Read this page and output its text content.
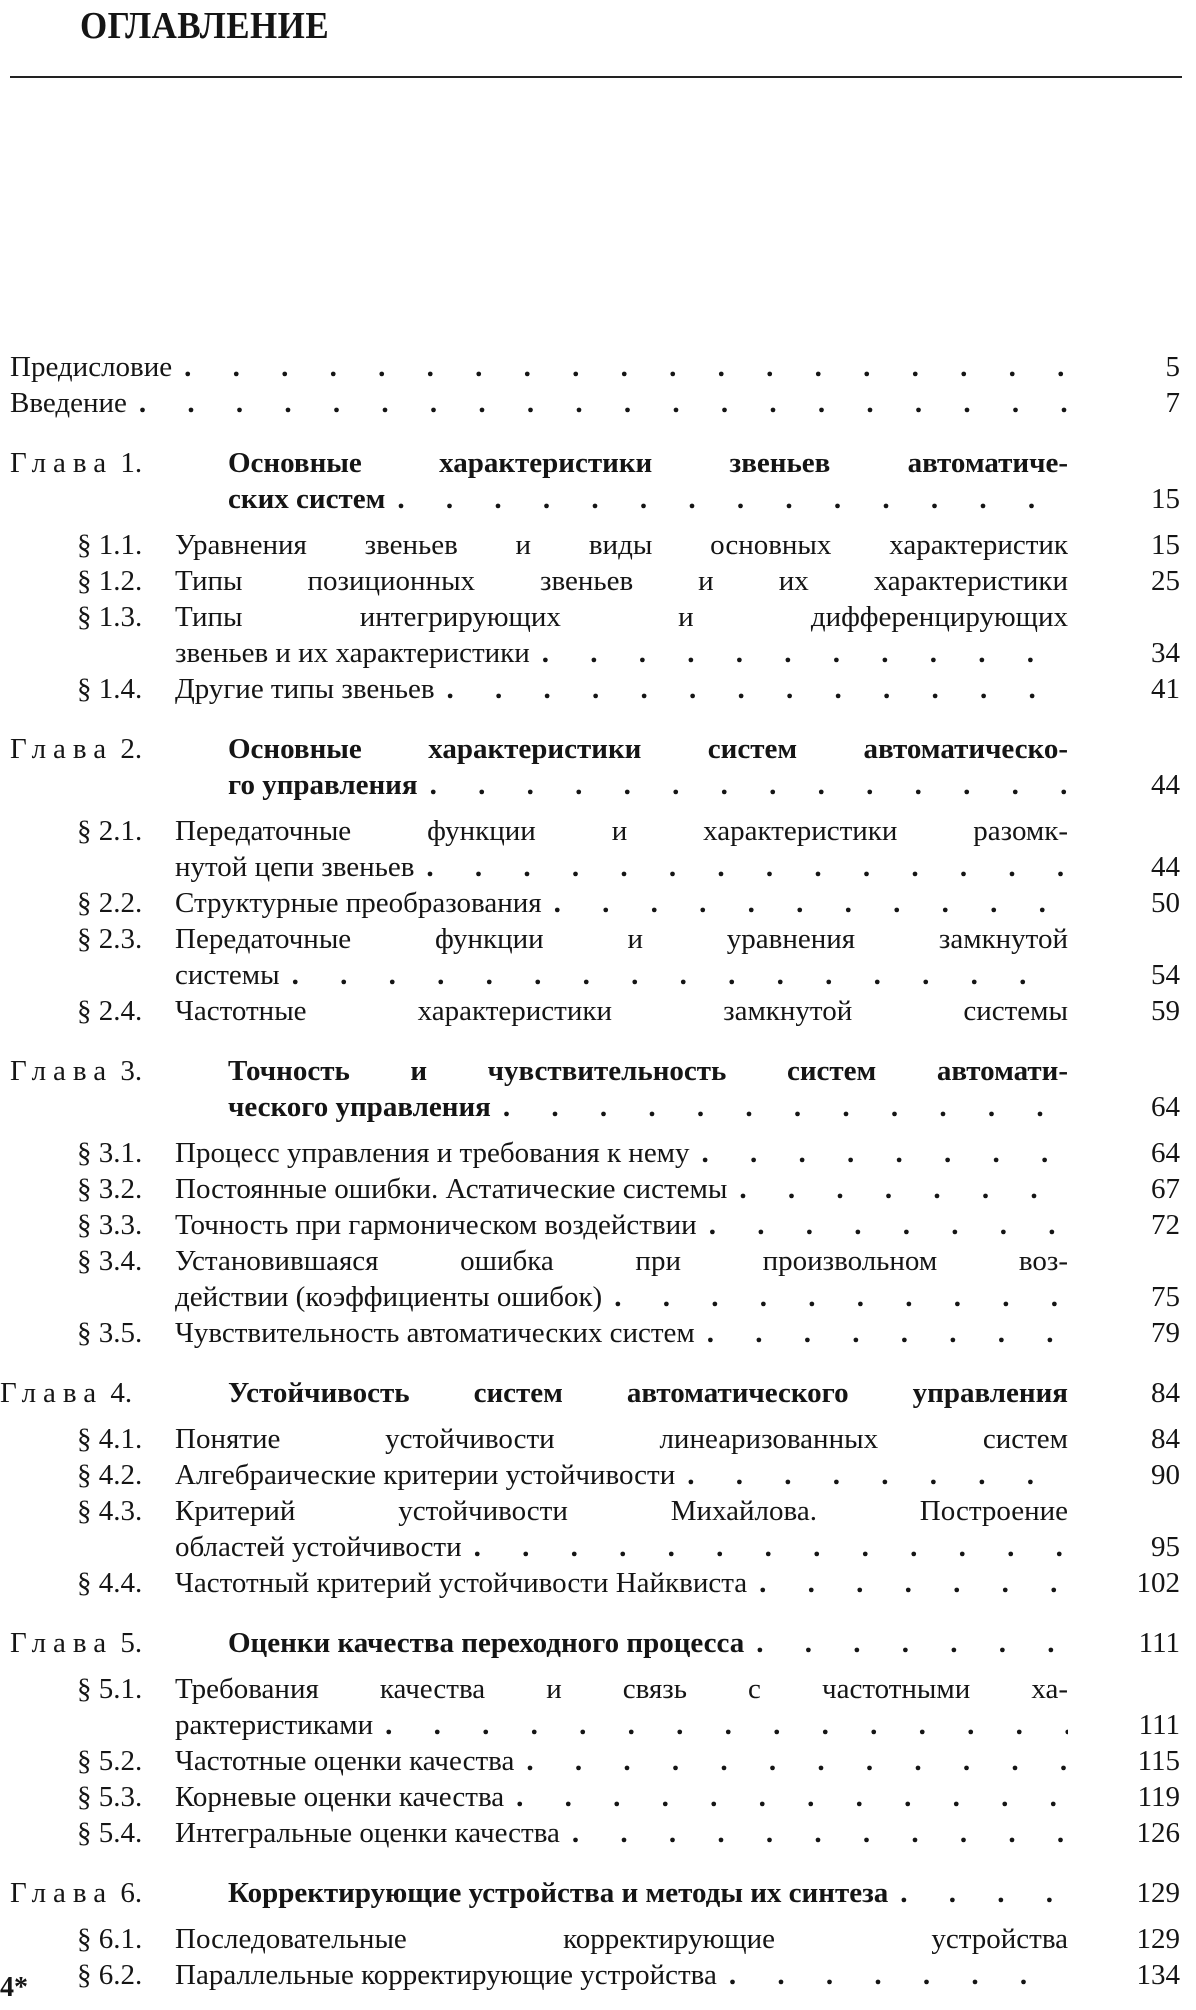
ОГЛАВЛЕНИЕ
Предисловие . . .	5
Введение . . .	7
Глава 1.	Основные характеристики звеньев автоматиче-
ских систем . . .	15
§ 1.1. Уравнения звеньев и виды основных характеристик	15
§ 1.2. Типы позиционных звеньев и их характеристики	25
§ 1.3. Типы интегрирующих и дифференцирующих
звеньев и их характеристики . . .	34
§ 1.4. Другие типы звеньев . . .	41
Глава 2.	Основные характеристики систем автоматическо-
го управления . . .	44
§ 2.1. Передаточные функции и характеристики разомк-
нутой цепи звеньев . . .	44
§ 2.2. Структурные преобразования . . .	50
§ 2.3. Передаточные функции и уравнения замкнутой
системы . . .	54
§ 2.4. Частотные характеристики замкнутой системы	59
Глава 3.	Точность и чувствительность систем автомати-
ческого управления . . .	64
§ 3.1. Процесс управления и требования к нему . . .	64
§ 3.2. Постоянные ошибки. Астатические системы . . .	67
§ 3.3. Точность при гармоническом воздействии . . .	72
§ 3.4. Установившаяся ошибка при произвольном воз-
действии (коэффициенты ошибок) . . .	75
§ 3.5. Чувствительность автоматических систем . . .	79
Глава 4.	Устойчивость систем автоматического управления	84
§ 4.1. Понятие устойчивости линеаризованных систем	84
§ 4.2. Алгебраические критерии устойчивости . . .	90
§ 4.3. Критерий устойчивости Михайлова. Построение
областей устойчивости . . .	95
§ 4.4. Частотный критерий устойчивости Найквиста . . .	102
Глава 5.	Оценки качества переходного процесса . . .	111
§ 5.1. Требования качества и связь с частотными ха-
рактеристиками . . .	111
§ 5.2. Частотные оценки качества . . .	115
§ 5.3. Корневые оценки качества . . .	119
§ 5.4. Интегральные оценки качества . . .	126
Глава 6.	Корректирующие устройства и методы их синтеза . . .	129
§ 6.1. Последовательные корректирующие устройства	129
§ 6.2. Параллельные корректирующие устройства . . .	134
4*
